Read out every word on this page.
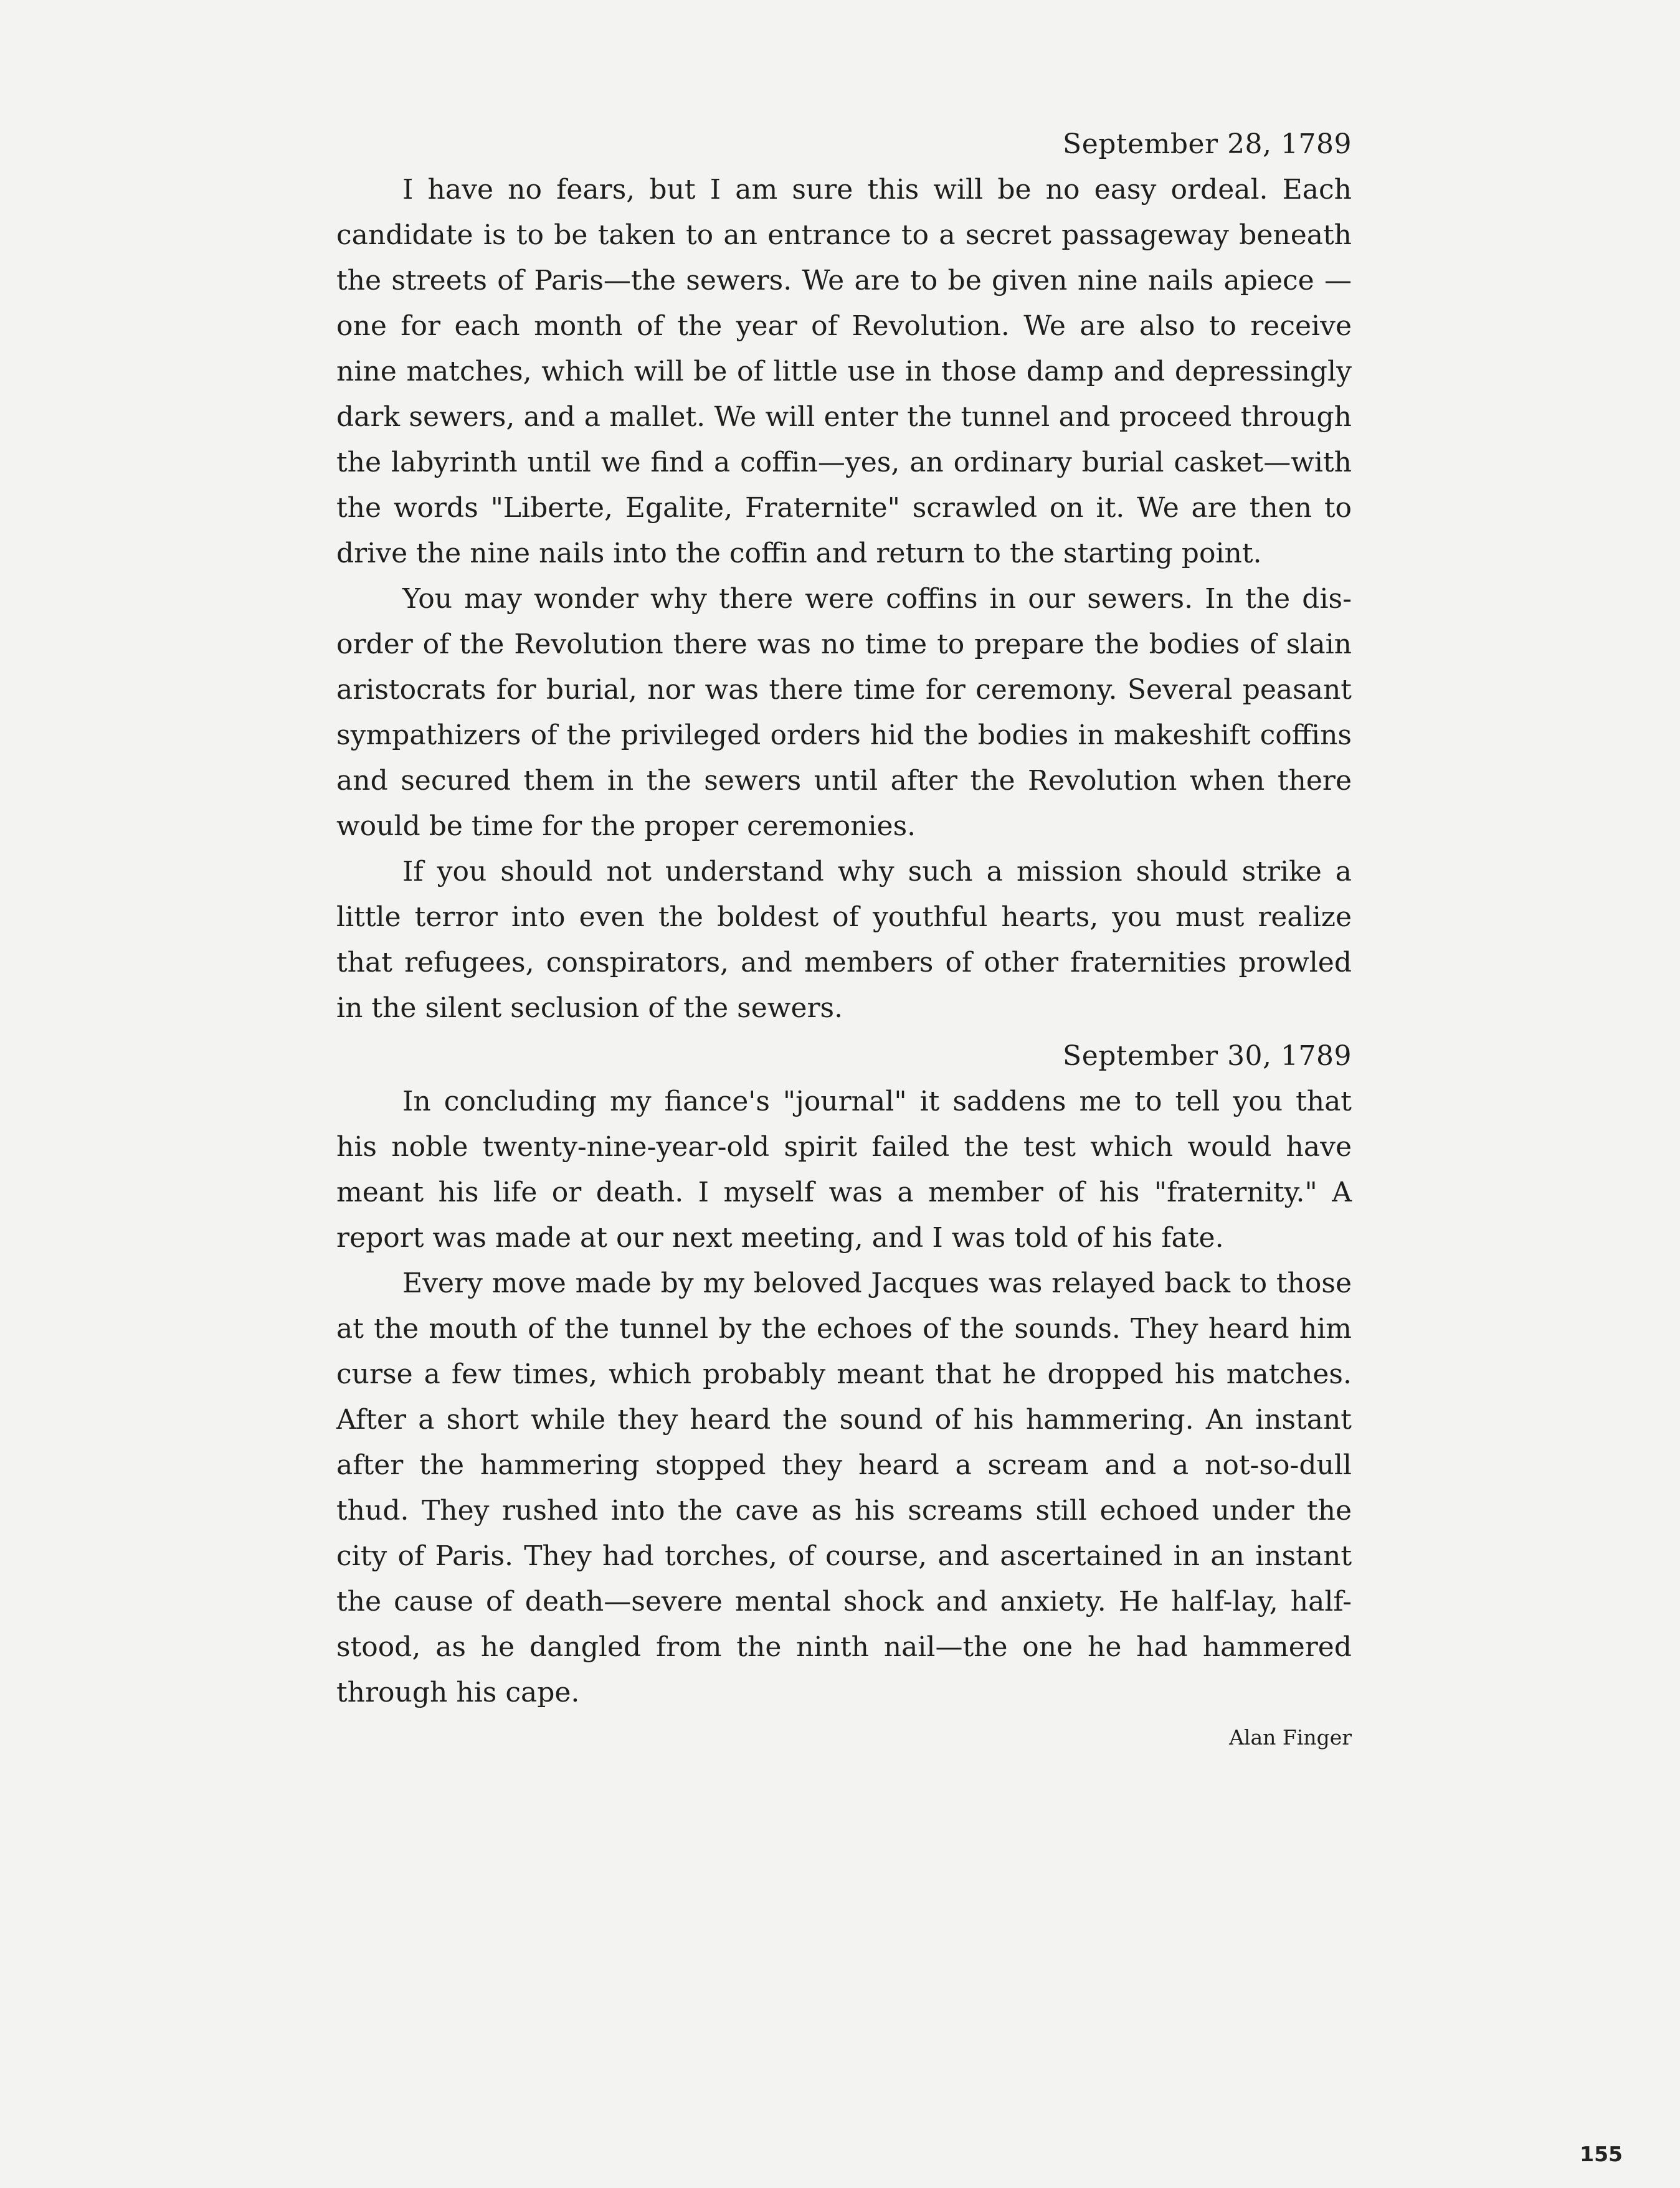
September 28, 1789

I have no fears, but I am sure this will be no easy ordeal. Each candidate is to be taken to an entrance to a secret passageway beneath the streets of Paris—the sewers. We are to be given nine nails apiece —one for each month of the year of Revolution. We are also to receive nine matches, which will be of little use in those damp and depressingly dark sewers, and a mallet. We will enter the tunnel and proceed through the labyrinth until we find a coffin—yes, an ordinary burial casket—with the words "Liberte, Egalite, Fraternite" scrawled on it. We are then to drive the nine nails into the coffin and return to the starting point.

You may wonder why there were coffins in our sewers. In the disorder of the Revolution there was no time to prepare the bodies of slain aristocrats for burial, nor was there time for ceremony. Several peasant sympathizers of the privileged orders hid the bodies in makeshift coffins and secured them in the sewers until after the Revolution when there would be time for the proper ceremonies.

If you should not understand why such a mission should strike a little terror into even the boldest of youthful hearts, you must realize that refugees, conspirators, and members of other fraternities prowled in the silent seclusion of the sewers.

September 30, 1789

In concluding my fiance's "journal" it saddens me to tell you that his noble twenty-nine-year-old spirit failed the test which would have meant his life or death. I myself was a member of his "fraternity." A report was made at our next meeting, and I was told of his fate.

Every move made by my beloved Jacques was relayed back to those at the mouth of the tunnel by the echoes of the sounds. They heard him curse a few times, which probably meant that he dropped his matches. After a short while they heard the sound of his hammering. An instant after the hammering stopped they heard a scream and a not-so-dull thud. They rushed into the cave as his screams still echoed under the city of Paris. They had torches, of course, and ascertained in an instant the cause of death—severe mental shock and anxiety. He half-lay, half-stood, as he dangled from the ninth nail—the one he had hammered through his cape.

Alan Finger

155
